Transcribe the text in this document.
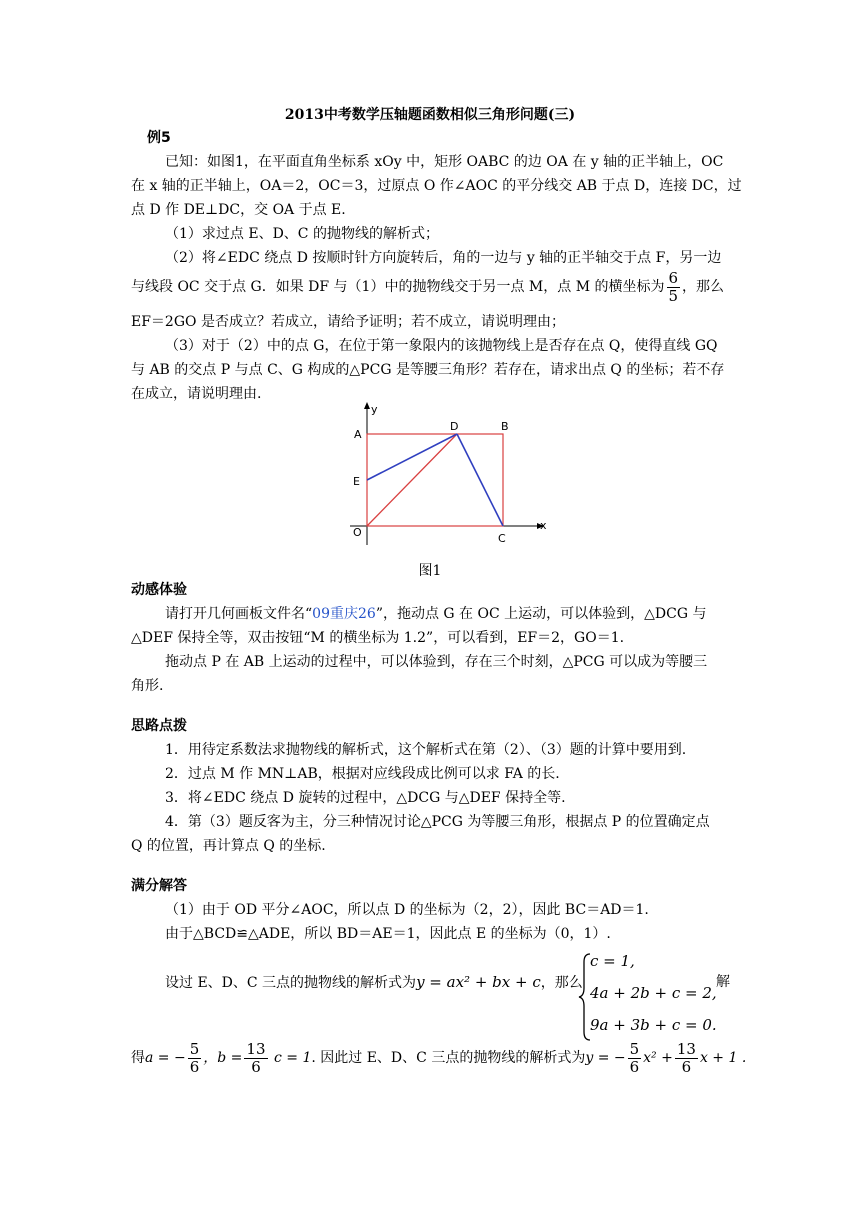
2013中考数学压轴题函数相似三角形问题(三)
例5
已知：如图1，在平面直角坐标系 xOy 中，矩形 OABC 的边 OA 在 y 轴的正半轴上，OC
在 x 轴的正半轴上，OA＝2，OC＝3，过原点 O 作∠AOC 的平分线交 AB 于点 D，连接 DC，过
点 D 作 DE⊥DC，交 OA 于点 E.
（1）求过点 E、D、C 的抛物线的解析式；
（2）将∠EDC 绕点 D 按顺时针方向旋转后，角的一边与 y 轴的正半轴交于点 F，另一边
与线段 OC 交于点 G．如果 DF 与（1）中的抛物线交于另一点 M，点 M 的横坐标为 $\frac{6}{5}$ ，那么
EF＝2GO 是否成立？若成立，请给予证明；若不成立，请说明理由；
（3）对于（2）中的点 G，在位于第一象限内的该抛物线上是否存在点 Q，使得直线 GQ
与 AB 的交点 P 与点 C、G 构成的△PCG 是等腰三角形？若存在，请求出点 Q 的坐标；若不存
在成立，请说明理由.
y
x
A
D	B
E
O	C
图1
动感体验
请打开几何画板文件名“09重庆26”，拖动点 G 在 OC 上运动，可以体验到，△DCG 与
△DEF 保持全等，双击按钮“M 的横坐标为 1.2”，可以看到，EF＝2，GO＝1.
拖动点 P 在 AB 上运动的过程中，可以体验到，存在三个时刻，△PCG 可以成为等腰三
角形.
思路点拨
1．用待定系数法求抛物线的解析式，这个解析式在第（2）、（3）题的计算中要用到.
2．过点 M 作 MN⊥AB，根据对应线段成比例可以求 FA 的长.
3．将∠EDC 绕点 D 旋转的过程中，△DCG 与△DEF 保持全等.
4．第（3）题反客为主，分三种情况讨论△PCG 为等腰三角形，根据点 P 的位置确定点
Q 的位置，再计算点 Q 的坐标.
满分解答
（1）由于 OD 平分∠AOC，所以点 D 的坐标为（2，2），因此 BC＝AD＝1.
由于△BCD≌△ADE，所以 BD＝AE＝1，因此点 E 的坐标为（0，1）.
设过 E、D、C 三点的抛物线的解析式为y = ax² + bx + c，那么
c = 1,
4a + 2b + c = 2,
9a + 3b + c = 0.
解
得a = − $\frac{5}{6}$ ，$b = \frac{13}{6}$ c = 1. 因此过 E、D、C 三点的抛物线的解析式为y = − $\frac{5}{6} x^2 + \frac{13}{6}$ x + 1 .
